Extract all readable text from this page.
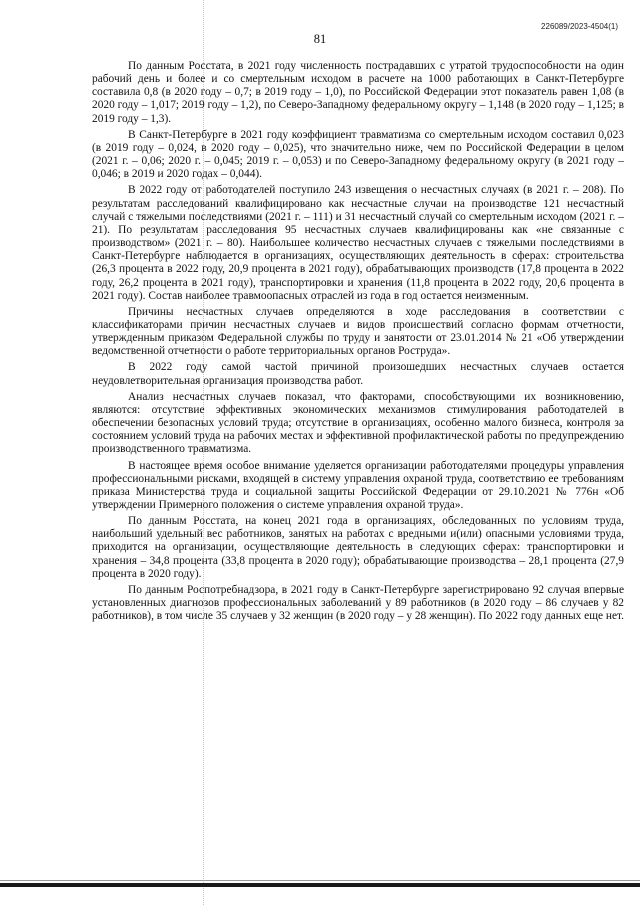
226089/2023-4504(1)
81

По данным Росстата, в 2021 году численность пострадавших с утратой трудоспособности на один рабочий день и более и со смертельным исходом в расчете на 1000 работающих в Санкт-Петербурге составила 0,8 (в 2020 году – 0,7; в 2019 году – 1,0), по Российской Федерации этот показатель равен 1,08 (в 2020 году – 1,017; 2019 году – 1,2), по Северо-Западному федеральному округу – 1,148 (в 2020 году – 1,125; в 2019 году – 1,3).

В Санкт-Петербурге в 2021 году коэффициент травматизма со смертельным исходом составил 0,023 (в 2019 году – 0,024, в 2020 году – 0,025), что значительно ниже, чем по Российской Федерации в целом (2021 г. – 0,06; 2020 г. – 0,045; 2019 г. – 0,053) и по Северо-Западному федеральному округу (в 2021 году – 0,046; в 2019 и 2020 годах – 0,044).

В 2022 году от работодателей поступило 243 извещения о несчастных случаях (в 2021 г. – 208). По результатам расследований квалифицировано как несчастные случаи на производстве 121 несчастный случай с тяжелыми последствиями (2021 г. – 111) и 31 несчастный случай со смертельным исходом (2021 г. – 21). По результатам расследования 95 несчастных случаев квалифицированы как «не связанные с производством» (2021 г. – 80). Наибольшее количество несчастных случаев с тяжелыми последствиями в Санкт-Петербурге наблюдается в организациях, осуществляющих деятельность в сферах: строительства (26,3 процента в 2022 году, 20,9 процента в 2021 году), обрабатывающих производств (17,8 процента в 2022 году, 26,2 процента в 2021 году), транспортировки и хранения (11,8 процента в 2022 году, 20,6 процента в 2021 году). Состав наиболее травмоопасных отраслей из года в год остается неизменным.

Причины несчастных случаев определяются в ходе расследования в соответствии с классификаторами причин несчастных случаев и видов происшествий согласно формам отчетности, утвержденным приказом Федеральной службы по труду и занятости от 23.01.2014 № 21 «Об утверждении ведомственной отчетности о работе территориальных органов Роструда».

В 2022 году самой частой причиной произошедших несчастных случаев остается неудовлетворительная организация производства работ.

Анализ несчастных случаев показал, что факторами, способствующими их возникновению, являются: отсутствие эффективных экономических механизмов стимулирования работодателей в обеспечении безопасных условий труда; отсутствие в организациях, особенно малого бизнеса, контроля за состоянием условий труда на рабочих местах и эффективной профилактической работы по предупреждению производственного травматизма.

В настоящее время особое внимание уделяется организации работодателями процедуры управления профессиональными рисками, входящей в систему управления охраной труда, соответствию ее требованиям приказа Министерства труда и социальной защиты Российской Федерации от 29.10.2021 № 776н «Об утверждении Примерного положения о системе управления охраной труда».

По данным Росстата, на конец 2021 года в организациях, обследованных по условиям труда, наибольший удельный вес работников, занятых на работах с вредными и(или) опасными условиями труда, приходится на организации, осуществляющие деятельность в следующих сферах: транспортировки и хранения – 34,8 процента (33,8 процента в 2020 году); обрабатывающие производства – 28,1 процента (27,9 процента в 2020 году).

По данным Роспотребнадзора, в 2021 году в Санкт-Петербурге зарегистрировано 92 случая впервые установленных диагнозов профессиональных заболеваний у 89 работников (в 2020 году – 86 случаев у 82 работников), в том числе 35 случаев у 32 женщин (в 2020 году – у 28 женщин). По 2022 году данных еще нет.
